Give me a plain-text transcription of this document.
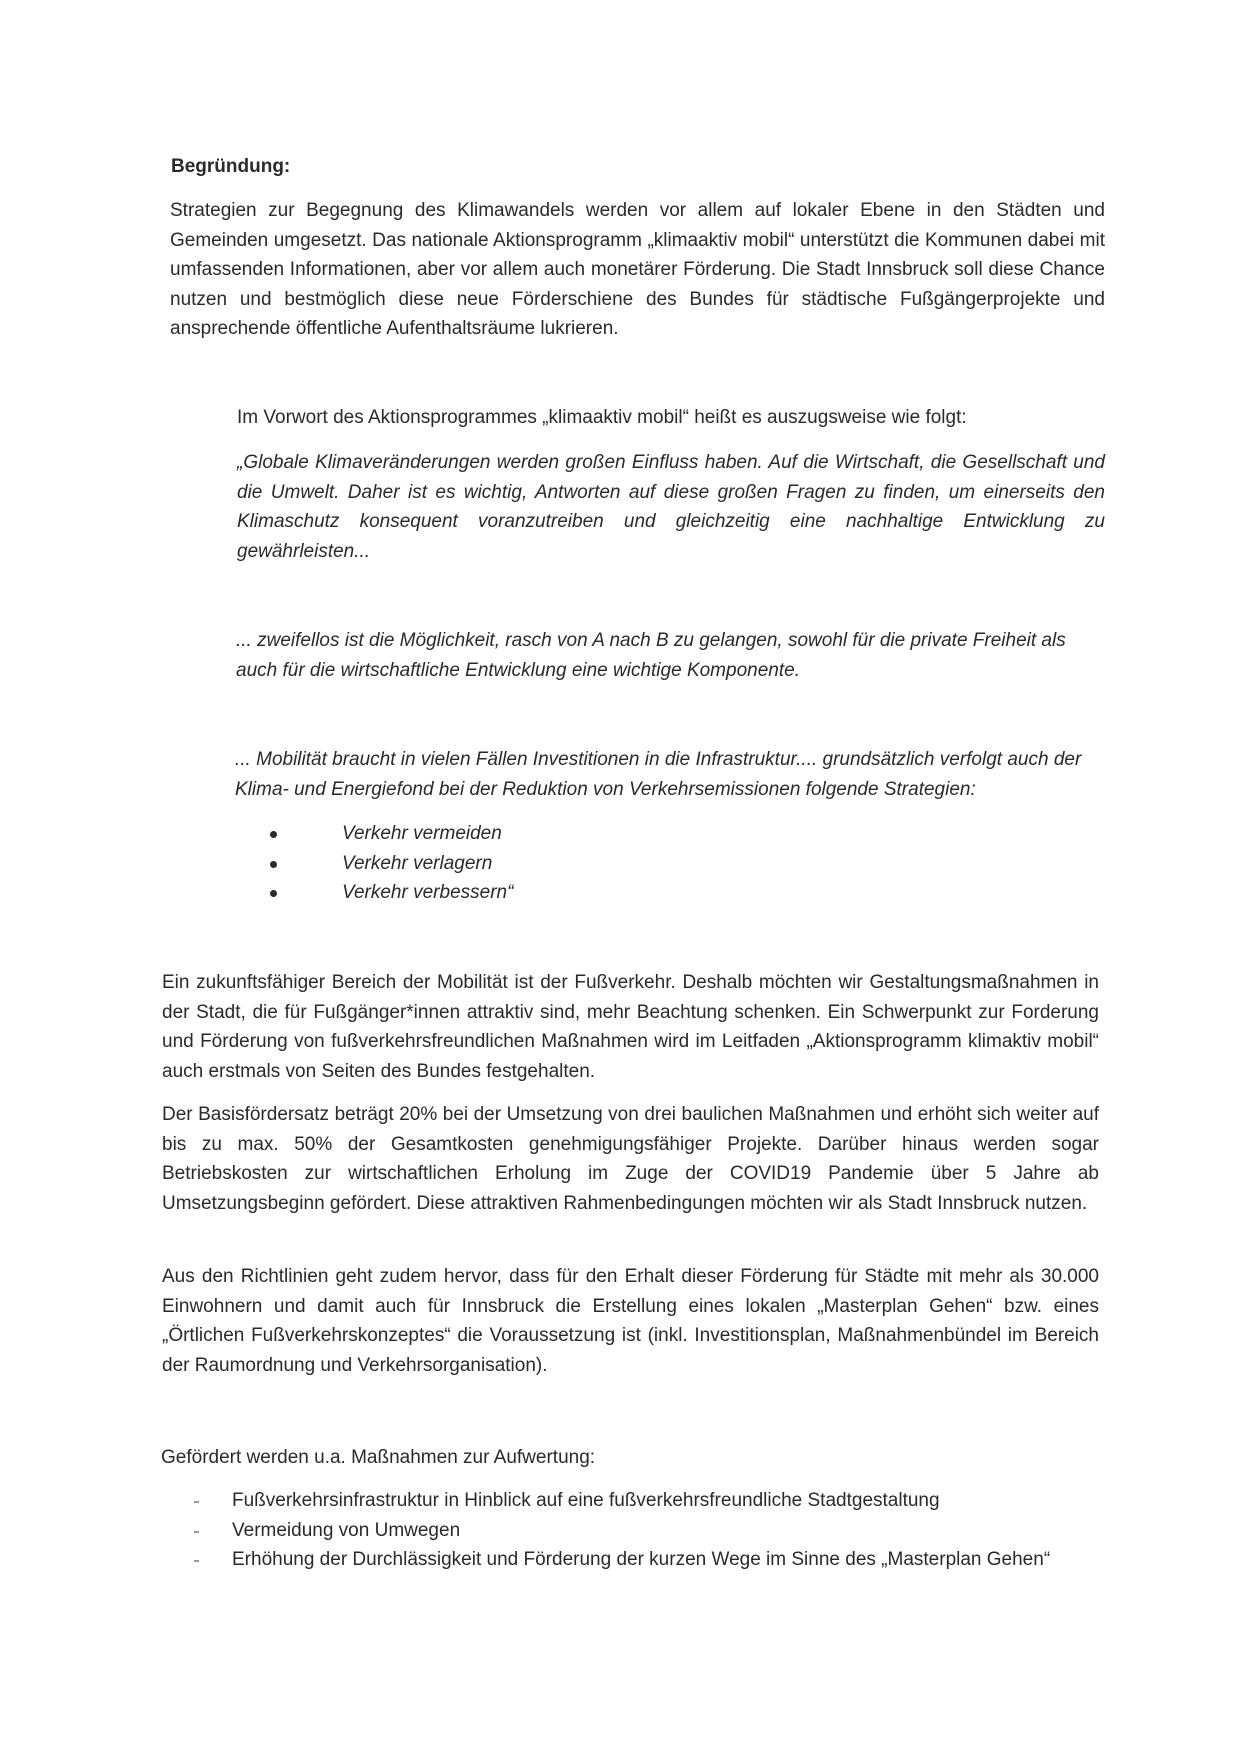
Begründung:

Strategien zur Begegnung des Klimawandels werden vor allem auf lokaler Ebene in den Städten und Gemeinden umgesetzt. Das nationale Aktionsprogramm „klimaaktiv mobil“ unterstützt die Kommunen dabei mit umfassenden Informationen, aber vor allem auch monetärer Förderung. Die Stadt Innsbruck soll diese Chance nutzen und bestmöglich diese neue Förderschiene des Bundes für städtische Fußgängerprojekte und ansprechende öffentliche Aufenthaltsräume lukrieren.

Im Vorwort des Aktionsprogrammes „klimaaktiv mobil“ heißt es auszugsweise wie folgt:

„Globale Klimaveränderungen werden großen Einfluss haben. Auf die Wirtschaft, die Gesellschaft und die Umwelt. Daher ist es wichtig, Antworten auf diese großen Fragen zu finden, um einerseits den Klimaschutz konsequent voranzutreiben und gleichzeitig eine nachhaltige Entwicklung zu gewährleisten...

... zweifellos ist die Möglichkeit, rasch von A nach B zu gelangen, sowohl für die private Freiheit als auch für die wirtschaftliche Entwicklung eine wichtige Komponente.

... Mobilität braucht in vielen Fällen Investitionen in die Infrastruktur.... grundsätzlich verfolgt auch der Klima- und Energiefond bei der Reduktion von Verkehrsemissionen folgende Strategien:

Verkehr vermeiden
Verkehr verlagern
Verkehr verbessern“

Ein zukunftsfähiger Bereich der Mobilität ist der Fußverkehr. Deshalb möchten wir Gestaltungsmaßnahmen in der Stadt, die für Fußgänger*innen attraktiv sind, mehr Beachtung schenken. Ein Schwerpunkt zur Forderung und Förderung von fußverkehrsfreundlichen Maßnahmen wird im Leitfaden „Aktionsprogramm klimaktiv mobil“ auch erstmals von Seiten des Bundes festgehalten.

Der Basisfördersatz beträgt 20% bei der Umsetzung von drei baulichen Maßnahmen und erhöht sich weiter auf bis zu max. 50% der Gesamtkosten genehmigungsfähiger Projekte. Darüber hinaus werden sogar Betriebskosten zur wirtschaftlichen Erholung im Zuge der COVID19 Pandemie über 5 Jahre ab Umsetzungsbeginn gefördert. Diese attraktiven Rahmenbedingungen möchten wir als Stadt Innsbruck nutzen.

Aus den Richtlinien geht zudem hervor, dass für den Erhalt dieser Förderung für Städte mit mehr als 30.000 Einwohnern und damit auch für Innsbruck die Erstellung eines lokalen „Masterplan Gehen“ bzw. eines „Örtlichen Fußverkehrskonzeptes“ die Voraussetzung ist (inkl. Investitionsplan, Maßnahmenbündel im Bereich der Raumordnung und Verkehrsorganisation).

Gefördert werden u.a. Maßnahmen zur Aufwertung:

Fußverkehrsinfrastruktur in Hinblick auf eine fußverkehrsfreundliche Stadtgestaltung
Vermeidung von Umwegen
Erhöhung der Durchlässigkeit und Förderung der kurzen Wege im Sinne des „Masterplan Gehen“
